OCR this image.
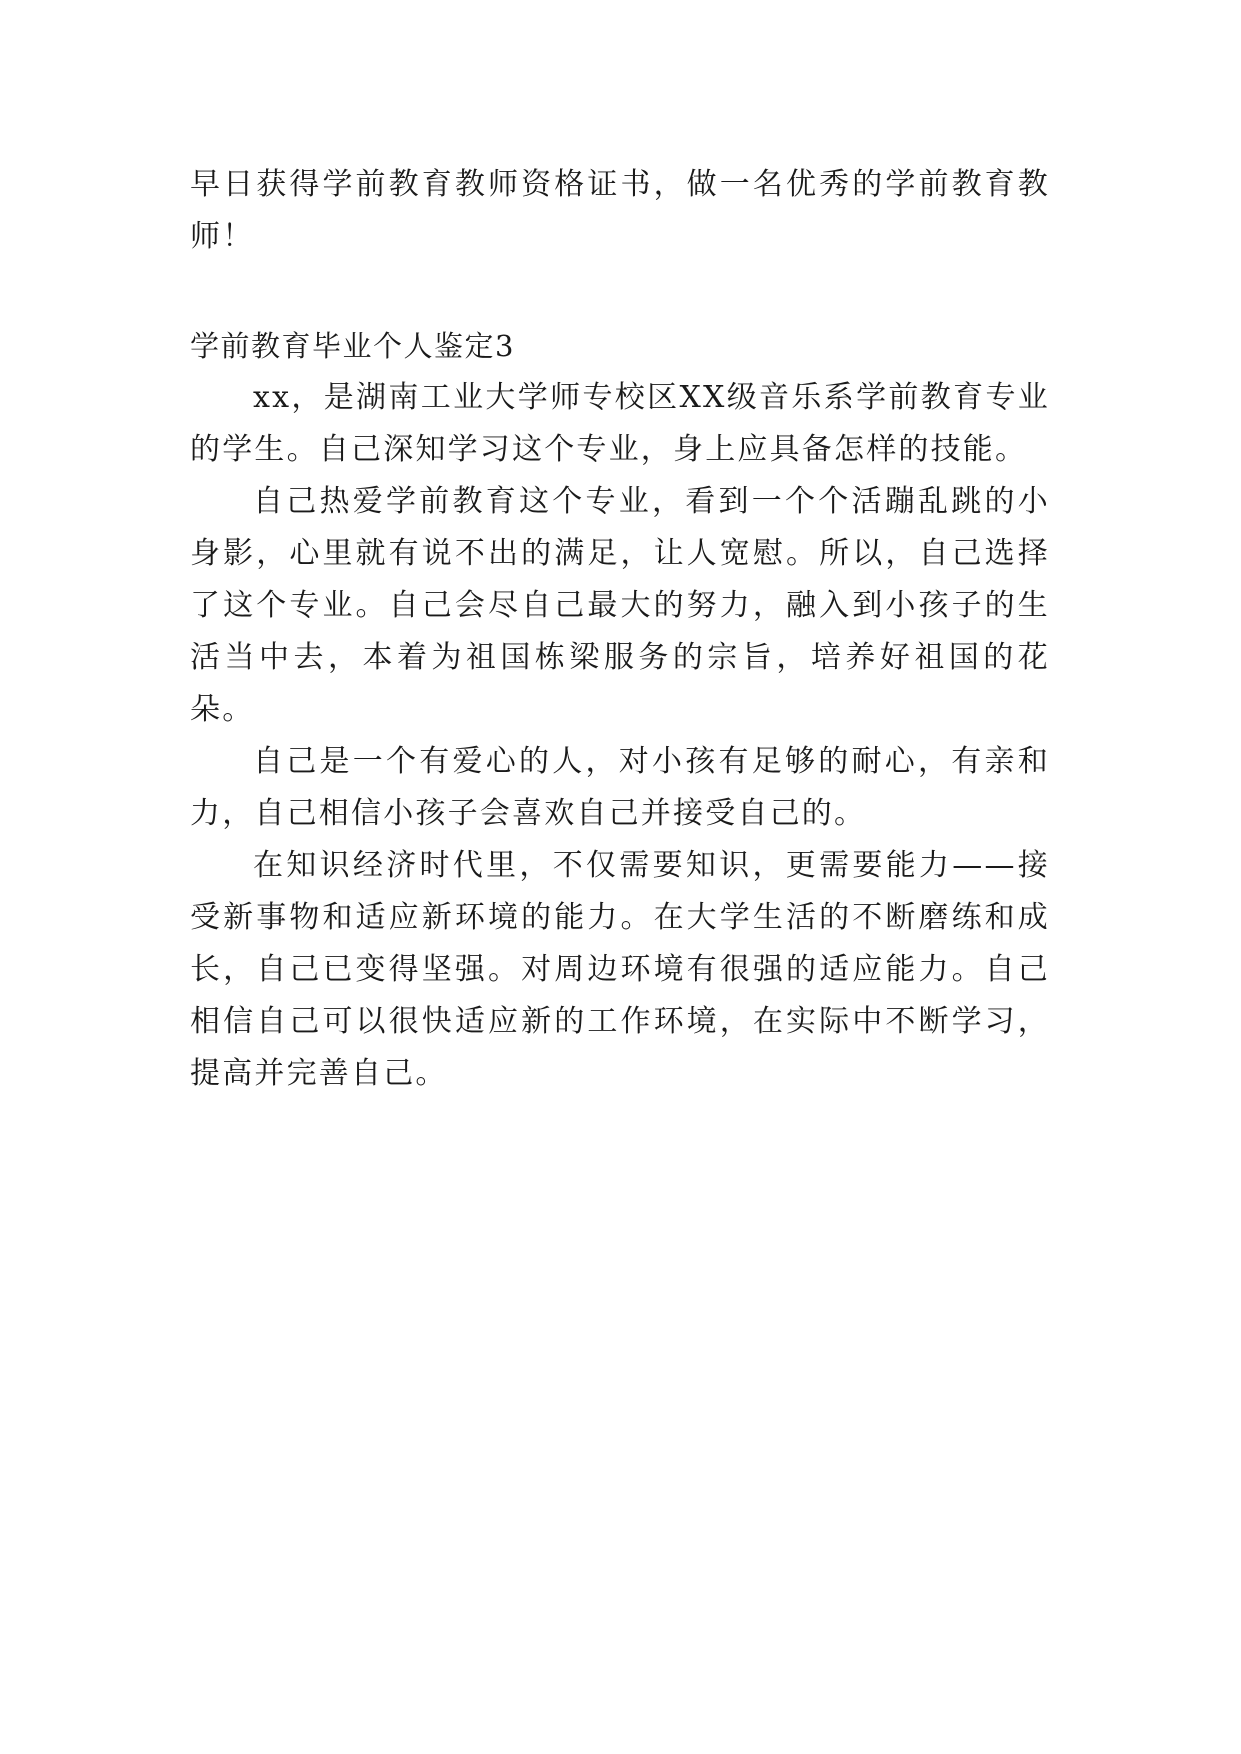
早日获得学前教育教师资格证书，做一名优秀的学前教育教师！

学前教育毕业个人鉴定3

xx，是湖南工业大学师专校区XX级音乐系学前教育专业的学生。自己深知学习这个专业，身上应具备怎样的技能。

自己热爱学前教育这个专业，看到一个个活蹦乱跳的小身影，心里就有说不出的满足，让人宽慰。所以，自己选择了这个专业。自己会尽自己最大的努力，融入到小孩子的生活当中去，本着为祖国栋梁服务的宗旨，培养好祖国的花朵。

自己是一个有爱心的人，对小孩有足够的耐心，有亲和力，自己相信小孩子会喜欢自己并接受自己的。

在知识经济时代里，不仅需要知识，更需要能力——接受新事物和适应新环境的能力。在大学生活的不断磨练和成长，自己已变得坚强。对周边环境有很强的适应能力。自己相信自己可以很快适应新的工作环境，在实际中不断学习，提高并完善自己。
